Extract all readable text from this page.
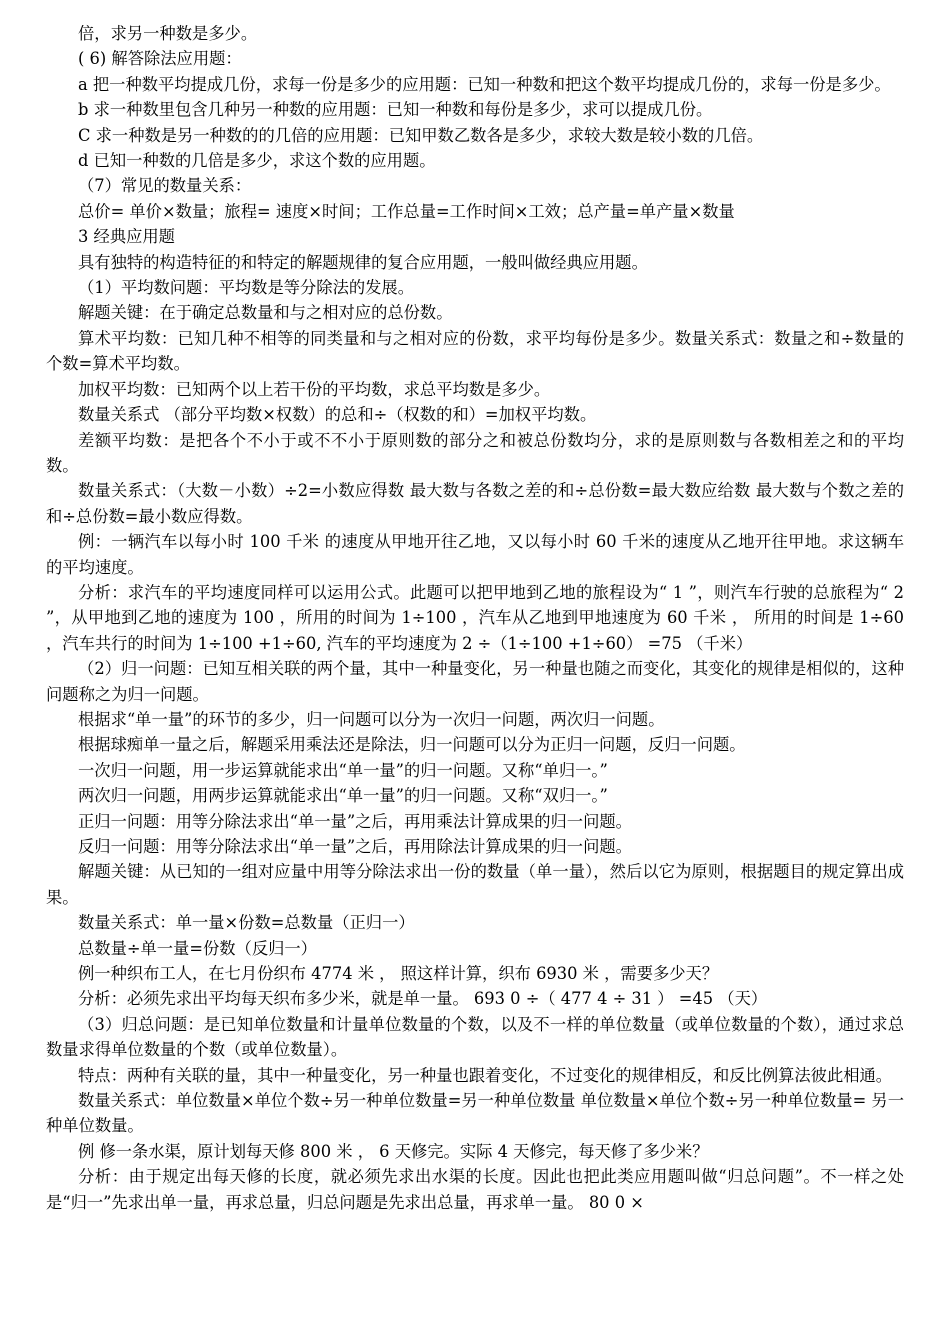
倍，求另一种数是多少。

( 6) 解答除法应用题：

a 把一种数平均提成几份，求每一份是多少的应用题：已知一种数和把这个数平均提成几份的，求每一份是多少。

b 求一种数里包含几种另一种数的应用题：已知一种数和每份是多少，求可以提成几份。

C 求一种数是另一种数的的几倍的应用题：已知甲数乙数各是多少，求较大数是较小数的几倍。

d 已知一种数的几倍是多少，求这个数的应用题。

（7）常见的数量关系：

总价= 单价×数量；旅程= 速度×时间；工作总量=工作时间×工效；总产量=单产量×数量

3 经典应用题

具有独特的构造特征的和特定的解题规律的复合应用题，一般叫做经典应用题。

（1）平均数问题：平均数是等分除法的发展。

解题关键：在于确定总数量和与之相对应的总份数。

算术平均数：已知几种不相等的同类量和与之相对应的份数，求平均每份是多少。数量关系式：数量之和÷数量的个数=算术平均数。

加权平均数：已知两个以上若干份的平均数，求总平均数是多少。

数量关系式 （部分平均数×权数）的总和÷（权数的和）=加权平均数。

差额平均数：是把各个不小于或不不小于原则数的部分之和被总份数均分，求的是原则数与各数相差之和的平均数。

数量关系式：（大数－小数）÷2=小数应得数 最大数与各数之差的和÷总份数=最大数应给数 最大数与个数之差的和÷总份数=最小数应得数。

例：一辆汽车以每小时 100 千米 的速度从甲地开往乙地，又以每小时 60 千米的速度从乙地开往甲地。求这辆车的平均速度。

分析：求汽车的平均速度同样可以运用公式。此题可以把甲地到乙地的旅程设为“ 1 ”，则汽车行驶的总旅程为“ 2 ”，从甲地到乙地的速度为 100 ，所用的时间为 1÷100 ，汽车从乙地到甲地速度为 60 千米 ， 所用的时间是 1÷60 ，汽车共行的时间为 1÷100 +1÷60, 汽车的平均速度为 2 ÷（1÷100 +1÷60） =75 （千米）

（2）归一问题：已知互相关联的两个量，其中一种量变化，另一种量也随之而变化，其变化的规律是相似的，这种问题称之为归一问题。

根据求“单一量”的环节的多少，归一问题可以分为一次归一问题，两次归一问题。

根据球痴单一量之后，解题采用乘法还是除法，归一问题可以分为正归一问题，反归一问题。

一次归一问题，用一步运算就能求出“单一量”的归一问题。又称“单归一。”

两次归一问题，用两步运算就能求出“单一量”的归一问题。又称“双归一。”

正归一问题：用等分除法求出“单一量”之后，再用乘法计算成果的归一问题。

反归一问题：用等分除法求出“单一量”之后，再用除法计算成果的归一问题。

解题关键：从已知的一组对应量中用等分除法求出一份的数量（单一量），然后以它为原则，根据题目的规定算出成果。

数量关系式：单一量×份数=总数量（正归一）

总数量÷单一量=份数（反归一）

例一种织布工人，在七月份织布 4774 米 ， 照这样计算，织布 6930 米 ，需要多少天？

分析：必须先求出平均每天织布多少米，就是单一量。 693 0 ÷（ 477 4 ÷ 31 ） =45 （天）

（3）归总问题：是已知单位数量和计量单位数量的个数，以及不一样的单位数量（或单位数量的个数），通过求总数量求得单位数量的个数（或单位数量）。

特点：两种有关联的量，其中一种量变化，另一种量也跟着变化，不过变化的规律相反，和反比例算法彼此相通。

数量关系式：单位数量×单位个数÷另一种单位数量=另一种单位数量 单位数量×单位个数÷另一种单位数量= 另一种单位数量。

例 修一条水渠，原计划每天修 800 米 ， 6 天修完。实际 4 天修完，每天修了多少米？

分析：由于规定出每天修的长度，就必须先求出水渠的长度。因此也把此类应用题叫做“归总问题”。不一样之处是“归一”先求出单一量，再求总量，归总问题是先求出总量，再求单一量。 80 0 ×
